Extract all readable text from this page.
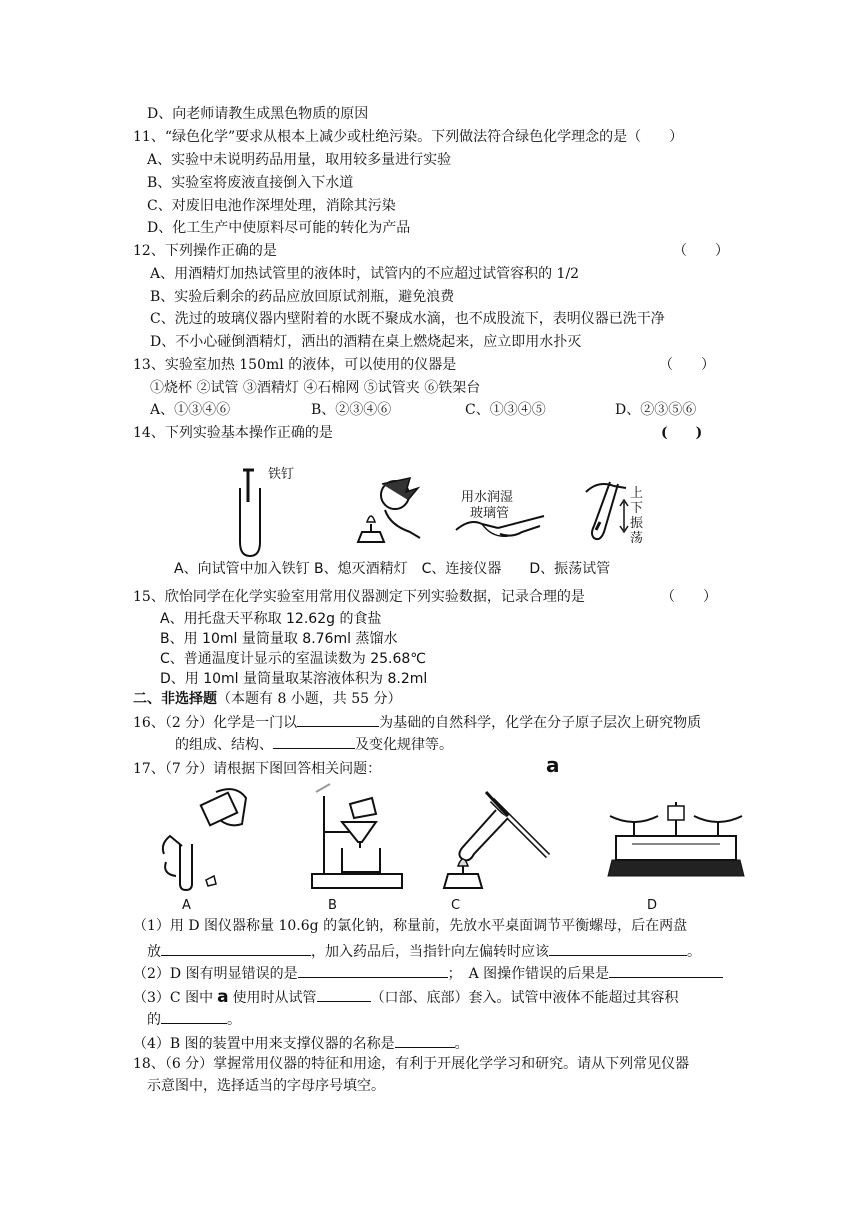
D、向老师请教生成黑色物质的原因
11、“绿色化学”要求从根本上减少或杜绝污染。下列做法符合绿色化学理念的是（　　）
A、实验中未说明药品用量，取用较多量进行实验
B、实验室将废液直接倒入下水道
C、对废旧电池作深埋处理，消除其污染
D、化工生产中使原料尽可能的转化为产品
12、下列操作正确的是	（　　）
A、用酒精灯加热试管里的液体时，试管内的不应超过试管容积的 1/2
B、实验后剩余的药品应放回原试剂瓶，避免浪费
C、洗过的玻璃仪器内壁附着的水既不聚成水滴，也不成股流下，表明仪器已洗干净
D、不小心碰倒酒精灯，洒出的酒精在桌上燃烧起来，应立即用水扑灭
13、实验室加热 150ml 的液体，可以使用的仪器是	（　　）
①烧杯 ②试管 ③酒精灯 ④石棉网 ⑤试管夹 ⑥铁架台
A、①③④⑥	B、②③④⑥	C、①③④⑤	D、②③⑤⑥
14、下列实验基本操作正确的是	(　　)
铁钉
用水润湿
玻璃管
上
下
振
荡
A、向试管中加入铁钉 B、熄灭酒精灯　C、连接仪器　　D、振荡试管
15、欣怡同学在化学实验室用常用仪器测定下列实验数据，记录合理的是	（　　）
A、用托盘天平称取 12.62g 的食盐
B、用 10ml 量筒量取 8.76ml 蒸馏水
C、普通温度计显示的室温读数为 25.68℃
D、用 10ml 量筒量取某溶液体积为 8.2ml
二、非选择题（本题有 8 小题，共 55 分）
16、（2 分）化学是一门以	为基础的自然科学，化学在分子原子层次上研究物质
的组成、结构、	及变化规律等。
17、（7 分）请根据下图回答相关问题：	a
A	B	C	D
（1）用 D 图仪器称量 10.6g 的氯化钠，称量前，先放水平桌面调节平衡螺母，后在两盘
放	，加入药品后，当指针向左偏转时应该	。
（2）D 图有明显错误的是	；　A 图操作错误的后果是
（3）C 图中 a 使用时从试管	（口部、底部）套入。试管中液体不能超过其容积
的	。
（4）B 图的装置中用来支撑仪器的名称是	。
18、（6 分）掌握常用仪器的特征和用途，有利于开展化学学习和研究。请从下列常见仪器
示意图中，选择适当的字母序号填空。
